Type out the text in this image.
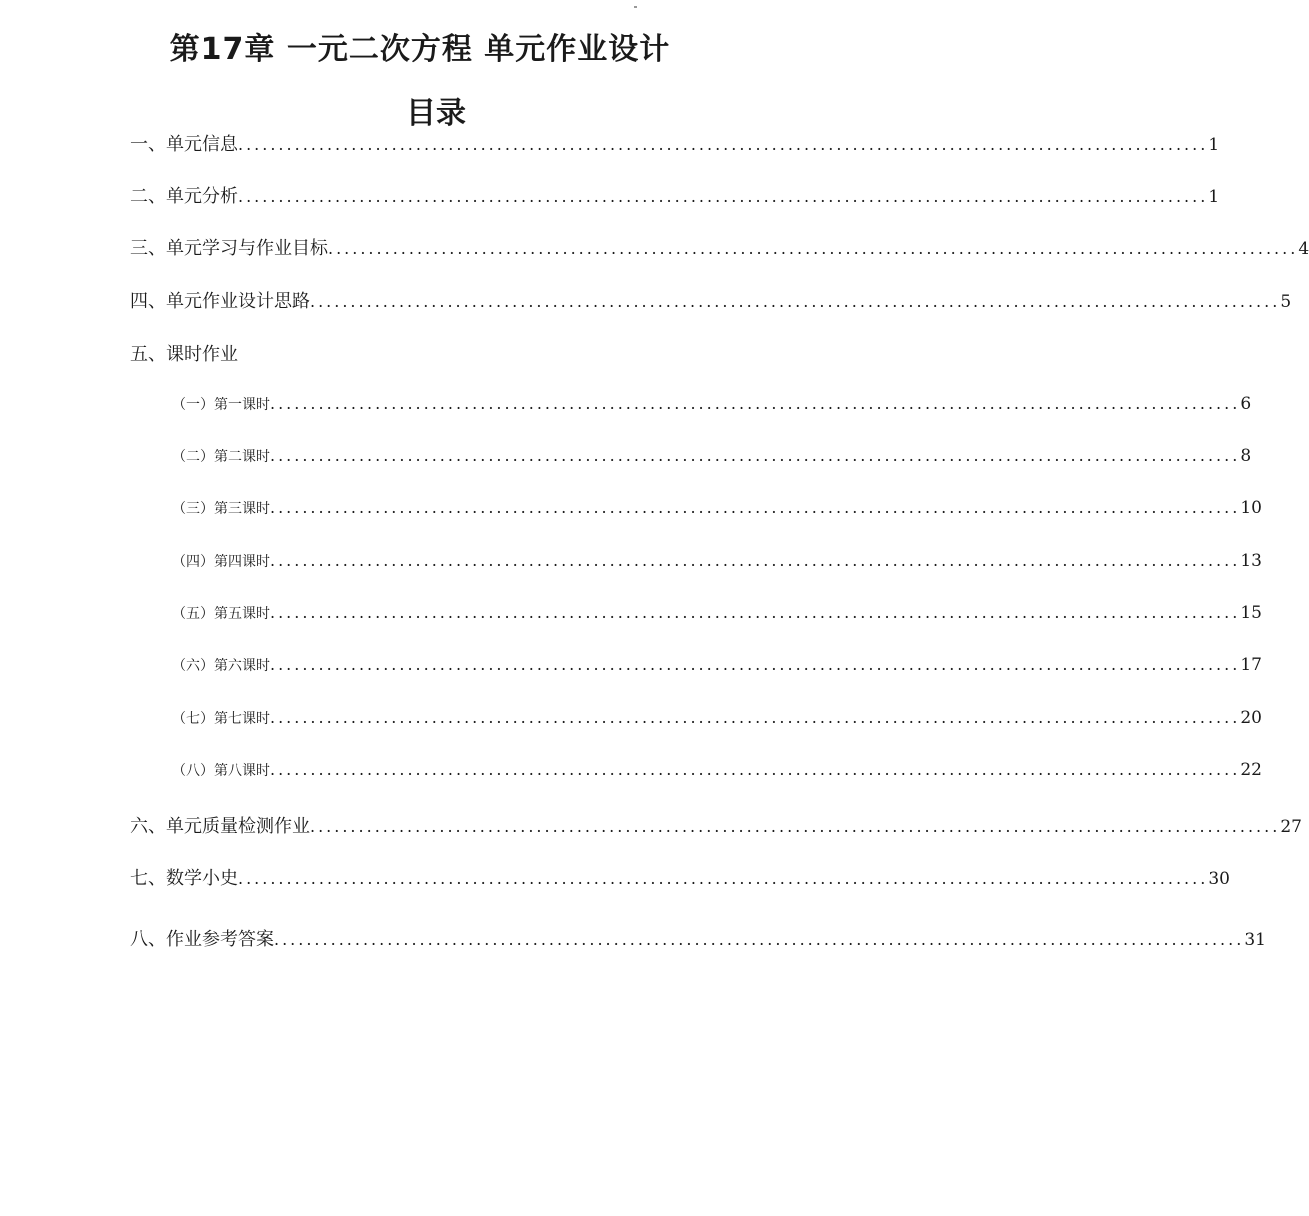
第17章 一元二次方程 单元作业设计
目录
一、单元信息 ........................................................................................................................ 1
二、单元分析 ........................................................................................................................ 1
三、单元学习与作业目标 ........................................................................................................................ 4
四、单元作业设计思路 ........................................................................................................................ 5
五、课时作业
（一）第一课时 ........................................................................................................................ 6
（二）第二课时 ........................................................................................................................ 8
（三）第三课时 ........................................................................................................................ 10
（四）第四课时 ........................................................................................................................ 13
（五）第五课时 ........................................................................................................................ 15
（六）第六课时 ........................................................................................................................ 17
（七）第七课时 ........................................................................................................................ 20
（八）第八课时 ........................................................................................................................ 22
六、单元质量检测作业 ........................................................................................................................ 27
七、数学小史 ........................................................................................................................ 30
八、作业参考答案 ........................................................................................................................ 31
